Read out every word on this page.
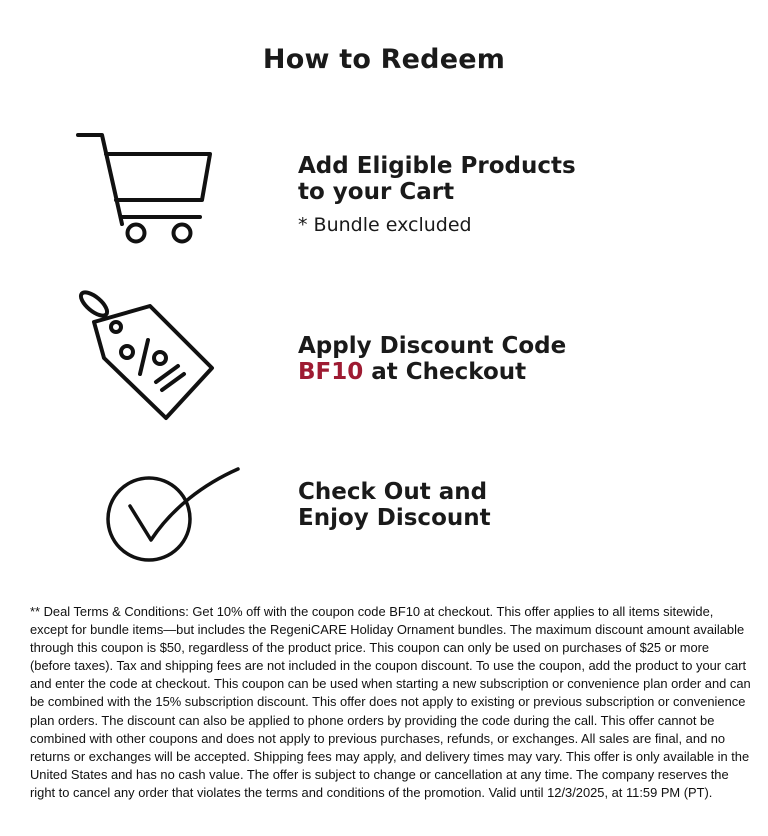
How to Redeem
Add Eligible Products
to your Cart
* Bundle excluded
Apply Discount Code
BF10 at Checkout
Check Out and
Enjoy Discount
** Deal Terms & Conditions: Get 10% off with the coupon code BF10 at checkout. This offer applies to all items sitewide, except for bundle items—but includes the RegeniCARE Holiday Ornament bundles. The maximum discount amount available through this coupon is $50, regardless of the product price. This coupon can only be used on purchases of $25 or more (before taxes). Tax and shipping fees are not included in the coupon discount. To use the coupon, add the product to your cart and enter the code at checkout. This coupon can be used when starting a new subscription or convenience plan order and can be combined with the 15% subscription discount. This offer does not apply to existing or previous subscription or convenience plan orders. The discount can also be applied to phone orders by providing the code during the call. This offer cannot be combined with other coupons and does not apply to previous purchases, refunds, or exchanges. All sales are final, and no returns or exchanges will be accepted. Shipping fees may apply, and delivery times may vary. This offer is only available in the United States and has no cash value. The offer is subject to change or cancellation at any time. The company reserves the right to cancel any order that violates the terms and conditions of the promotion. Valid until 12/3/2025, at 11:59 PM (PT).
